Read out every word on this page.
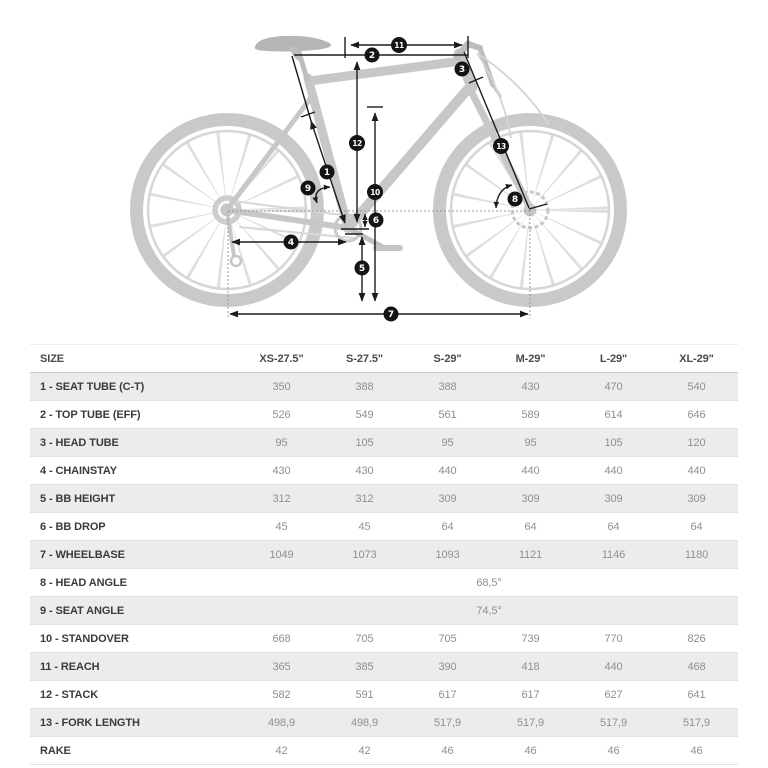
1
2
3
4
5
6
7
8
9	10
11
12	13
SIZE	XS-27.5"	S-27.5"	S-29"	M-29"	L-29"	XL-29"
1 - SEAT TUBE (C-T)	350	388	388	430	470	540
2 - TOP TUBE (EFF)	526	549	561	589	614	646
3 - HEAD TUBE	95	105	95	95	105	120
4 - CHAINSTAY	430	430	440	440	440	440
5 - BB HEIGHT	312	312	309	309	309	309
6 - BB DROP	45	45	64	64	64	64
7 - WHEELBASE	1049	1073	1093	1121	1146	1180
8 - HEAD ANGLE	68,5°					
9 - SEAT ANGLE	74,5°					
10 - STANDOVER	668	705	705	739	770	826
11 - REACH	365	385	390	418	440	468
12 - STACK	582	591	617	617	627	641
13 - FORK LENGTH	498,9	498,9	517,9	517,9	517,9	517,9
RAKE	42	42	46	46	46	46
